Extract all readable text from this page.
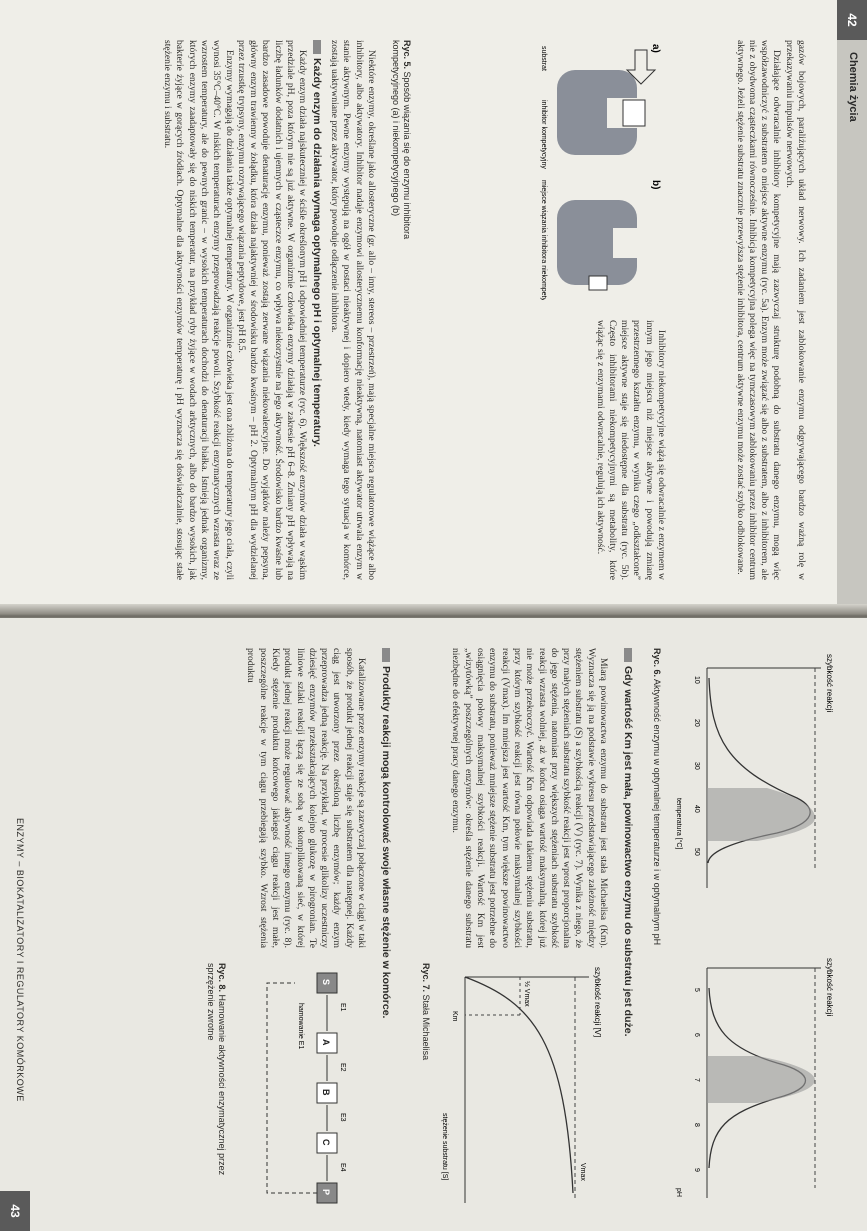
42
Chemia życia

gazów bojowych, paraliżujących układ nerwowy. Ich zadaniem jest zablokowanie enzymu odgrywającego bardzo ważną rolę w przekazywaniu impulsów nerwowych.

Działające odwracalnie inhibitory kompetycyjne mają zazwyczaj strukturę podobną do substratu danego enzymu, mogą więc współzawodniczyć z substratem o miejsce aktywne enzymu (ryc. 5a). Enzym może związać się albo z substratem, albo z inhibitorem, ale nie z obydwoma cząsteczkami równocześnie. Inhibicja kompetycyjna polega więc na tymczasowym zablokowaniu przez inhibitor centrum aktywnego. Jeżeli stężenie substratu znacznie przewyższa stężenie inhibitora, centrum aktywne enzymu może zostać szybko odblokowane.

a)
substrat
inhibitor kompetycyjny
b)
miejsce wiązania inhibitora niekompetycyjnego
Ryc. 5. Sposób wiązania się do enzymu inhibitora kompetycyjnego (a) i niekompetycyjnego (b)

Inhibitory niekompetycyjne wiążą się odwracalnie z enzymem w innym jego miejscu niż miejsce aktywne i powodują zmianę przestrzennego kształtu enzymu, w wyniku czego „odkształcone” miejsce aktywne staje się niedostępne dla substratu (ryc. 5b). Często inhibitorami niekompetycyjnymi są metabolity, które wiążąc się z enzymami odwracalnie, regulują ich aktywność.

Niektóre enzymy, określane jako allosteryczne (gr. allo – inny, stereos – przestrzeń), mają specjalne miejsca regulatorowe wiążące albo inhibitory, albo aktywatory. Inhibitor nadaje enzymowi allosterycznemu konformację nieaktywną, natomiast aktywator utrwala enzym w stanie aktywnym. Pewne enzymy występują na ogół w postaci nieaktywnej i dopiero wtedy, kiedy wymaga tego sytuacja w komórce, zostają uaktywniane przez aktywator, który powoduje odłączenie inhibitora.

Każdy enzym do działania wymaga optymalnego pH i optymalnej temperatury.

Każdy enzym działa najskuteczniej w ściśle określonym pH i odpowiedniej temperaturze (ryc. 6). Większość enzymów działa w wąskim przedziale pH, poza którym nie są już aktywne. W organizmie człowieka enzymy działają w zakresie pH 6–8. Zmiany pH wpływają na liczbę ładunków dodatnich i ujemnych w cząsteczce enzymu, co wpływa niekorzystnie na jego aktywność. Środowisko bardzo kwaśne lub bardzo zasadowe powoduje denaturację enzymu, ponieważ zostają zerwane wiązania niekowalencyjne. Do wyjątków należy pepsyna, główny enzym trawienny w żołądku, która działa najaktywniej w środowisku bardzo kwaśnym – pH 2. Optymalnym pH dla wydzielanej przez trzustkę trypsyny, enzymu rozrywającego wiązania peptydowe, jest pH 8,5.

Enzymy wymagają do działania także optymalnej temperatury. W organizmie człowieka jest ona zbliżona do temperatury jego ciała, czyli wynosi 35°C–40°C. W niskich temperaturach enzymy przeprowadzają reakcje powoli. Szybkość reakcji enzymatycznych wzrasta wraz ze wzrostem temperatury, ale do pewnych granic – w wysokich temperaturach dochodzi do denaturacji białka. Istnieją jednak organizmy, których enzymy zaadaptowały się do niskich temperatur, na przykład ryby żyjące w wodach arktycznych, albo do bardzo wysokich, jak bakterie żyjące w gorących źródłach. Optymalne dla aktywności enzymów temperaturę i pH wyznacza się doświadczalnie, stosując stałe stężenie enzymu i substratu.

szybkość reakcji
10
20
30
40
50
temperatura [°C]
szybkość reakcji
5
6
7
8
9
pH
Ryc. 6. Aktywność enzymu w optymalnej temperaturze i w optymalnym pH
Gdy wartość Km jest mała, powinowactwo enzymu do substratu jest duże.

Miarą powinowactwa enzymu do substratu jest stała Michaelisa (Km). Wyznacza się ją na podstawie wykresu przedstawiającego zależność między stężeniem substratu (S) a szybkością reakcji (V) (ryc. 7). Wynika z niego, że przy małych stężeniach substratu szybkość reakcji jest wprost proporcjonalna do jego stężenia, natomiast przy większych stężeniach substratu szybkość reakcji wzrasta wolniej, aż w końcu osiąga wartość maksymalną, której już nie może przekroczyć. Wartość Km odpowiada takiemu stężeniu substratu, przy którym szybkość reakcji jest równa połowie maksymalnej szybkości reakcji (Vmax). Im mniejsza jest wartość Km, tym większe powinowactwo enzymu do substratu, ponieważ mniejsze stężenie substratu jest potrzebne do osiągnięcia połowy maksymalnej szybkości reakcji. Wartość Km jest „wizytówką” poszczególnych enzymów: określa stężenie danego substratu niezbędne do efektywnej pracy danego enzymu.

szybkość reakcji [V]
Vmax
½ Vmax
Km
stężenie substratu [S]
Ryc. 7. Stała Michaelisa
Produkty reakcji mogą kontrolować swoje własne stężenie w komórce.

Katalizowane przez enzymy reakcje są zazwyczaj połączone w ciągi w taki sposób, że produkt jednej reakcji staje się substratem dla następnej. Każdy ciąg jest utworzony przez określoną liczbę enzymów; każdy enzym przeprowadza jedną reakcję. Na przykład, w procesie glikolizy uczestniczy dziesięć enzymów przekształcających kolejno glukozę w pirogronian. Te liniowe szlaki reakcji łączą się ze sobą w skomplikowaną sieć, w której produkt jednej reakcji może regulować aktywność innego enzymu (ryc. 8). Kiedy stężenie produktu końcowego jakiegoś ciągu reakcji jest małe, poszczególne reakcje w tym ciągu przebiegają szybko. Wzrost stężenia produktu

S
E1
A
E2
B
E3
C
E4
P
hamowanie E1
Ryc. 8. Hamowanie aktywności enzymatycznej przez sprzężenie zwrotne
ENZYMY – BIOKATALIZATORY I REGULATORY KOMÓRKOWE
43
